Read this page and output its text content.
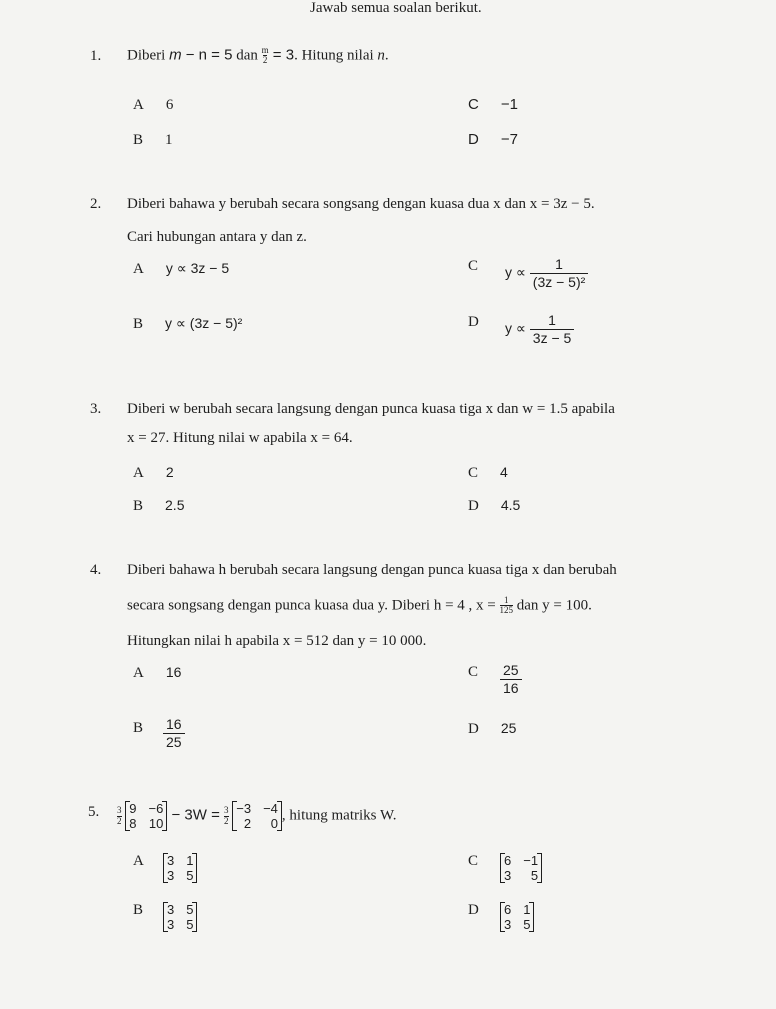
Jawab semua soalan berikut.
1. Diberi m − n = 5 dan $\frac{m}{2} = 3$. Hitung nilai n.
A 6
B 1
C −1
D −7
2. Diberi bahawa y berubah secara songsang dengan kuasa dua x dan x = 3z − 5.
Cari hubungan antara y dan z.
A y ∝ 3z − 5
B y ∝ (3z − 5)²
C $y \propto \frac{1}{\text{(3z − 5)²}}$
D $y \propto \frac{1}{3z - 5}$
3. Diberi w berubah secara langsung dengan punca kuasa tiga x dan w = 1.5 apabila
x = 27. Hitung nilai w apabila x = 64.
A 2
B 2.5
C 4
D 4.5
4. Diberi bahawa h berubah secara langsung dengan punca kuasa tiga x dan berubah
secara songsang dengan punca kuasa dua y. Diberi h = 4 , $x = \frac{1}{125}$ dan y = 100.
Hitungkan nilai h apabila x = 512 dan y = 10 000.
A 16
B $\frac{16}{25}$
C $\frac{25}{16}$
D 25
5. $\frac{3}{2}$
9 −6
8 10
− $3W = \frac{3}{2}$
−3 −4
2	0
, hitung matriks W.
A 3 1
3 5
B 3 5
3 5
C 6 −1
3	5
D 6 1
3 5
